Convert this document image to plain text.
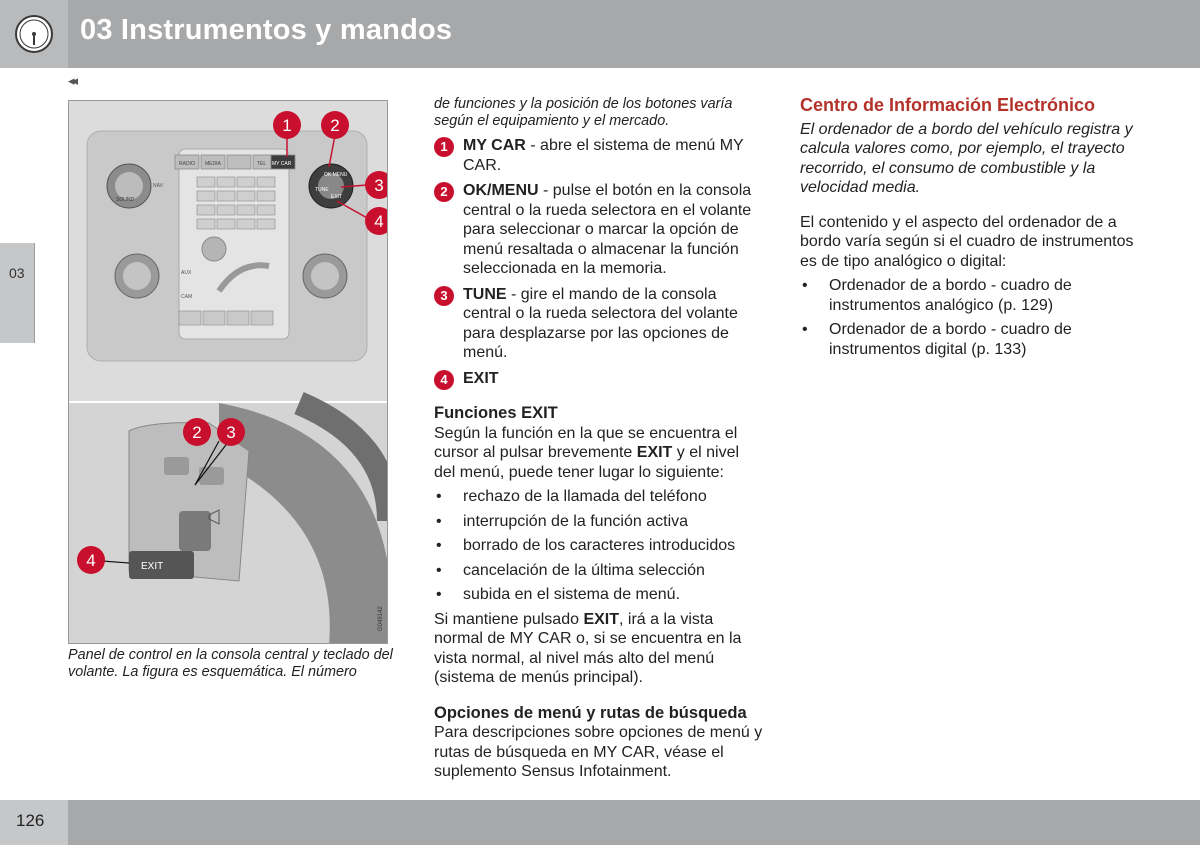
03 Instrumentos y mandos
◂◂
03
RADIO MEDIA	TEL MY CAR
SOUND
NAV
OK MENU
TUNE
EXIT
AUX
CAM
1 2
3
4
EXIT
2 3
4
G049142
Panel de control en la consola central y teclado del volante. La figura es esquemática. El número

de funciones y la posición de los botones varía según el equipamiento y el mercado.

1 MY CAR - abre el sistema de menú MY CAR.
2 OK/MENU - pulse el botón en la consola central o la rueda selectora en el volante para seleccionar o marcar la opción de menú resaltada o almacenar la función seleccionada en la memoria.
3 TUNE - gire el mando de la consola central o la rueda selectora del volante para desplazarse por las opciones de menú.
4 EXIT
Funciones EXIT

Según la función en la que se encuentra el cursor al pulsar brevemente EXIT y el nivel del menú, puede tener lugar lo siguiente:

• rechazo de la llamada del teléfono
• interrupción de la función activa
• borrado de los caracteres introducidos
• cancelación de la última selección
• subida en el sistema de menú.

Si mantiene pulsado EXIT, irá a la vista normal de MY CAR o, si se encuentra en la vista normal, al nivel más alto del menú (sistema de menús principal).

Opciones de menú y rutas de búsqueda

Para descripciones sobre opciones de menú y rutas de búsqueda en MY CAR, véase el suplemento Sensus Infotainment.

Centro de Información Electrónico

El ordenador de a bordo del vehículo registra y calcula valores como, por ejemplo, el trayecto recorrido, el consumo de combustible y la velocidad media.

El contenido y el aspecto del ordenador de a bordo varía según si el cuadro de instrumentos es de tipo analógico o digital:

• Ordenador de a bordo - cuadro de instrumentos analógico (p. 129)
• Ordenador de a bordo - cuadro de instrumentos digital (p. 133)
126
